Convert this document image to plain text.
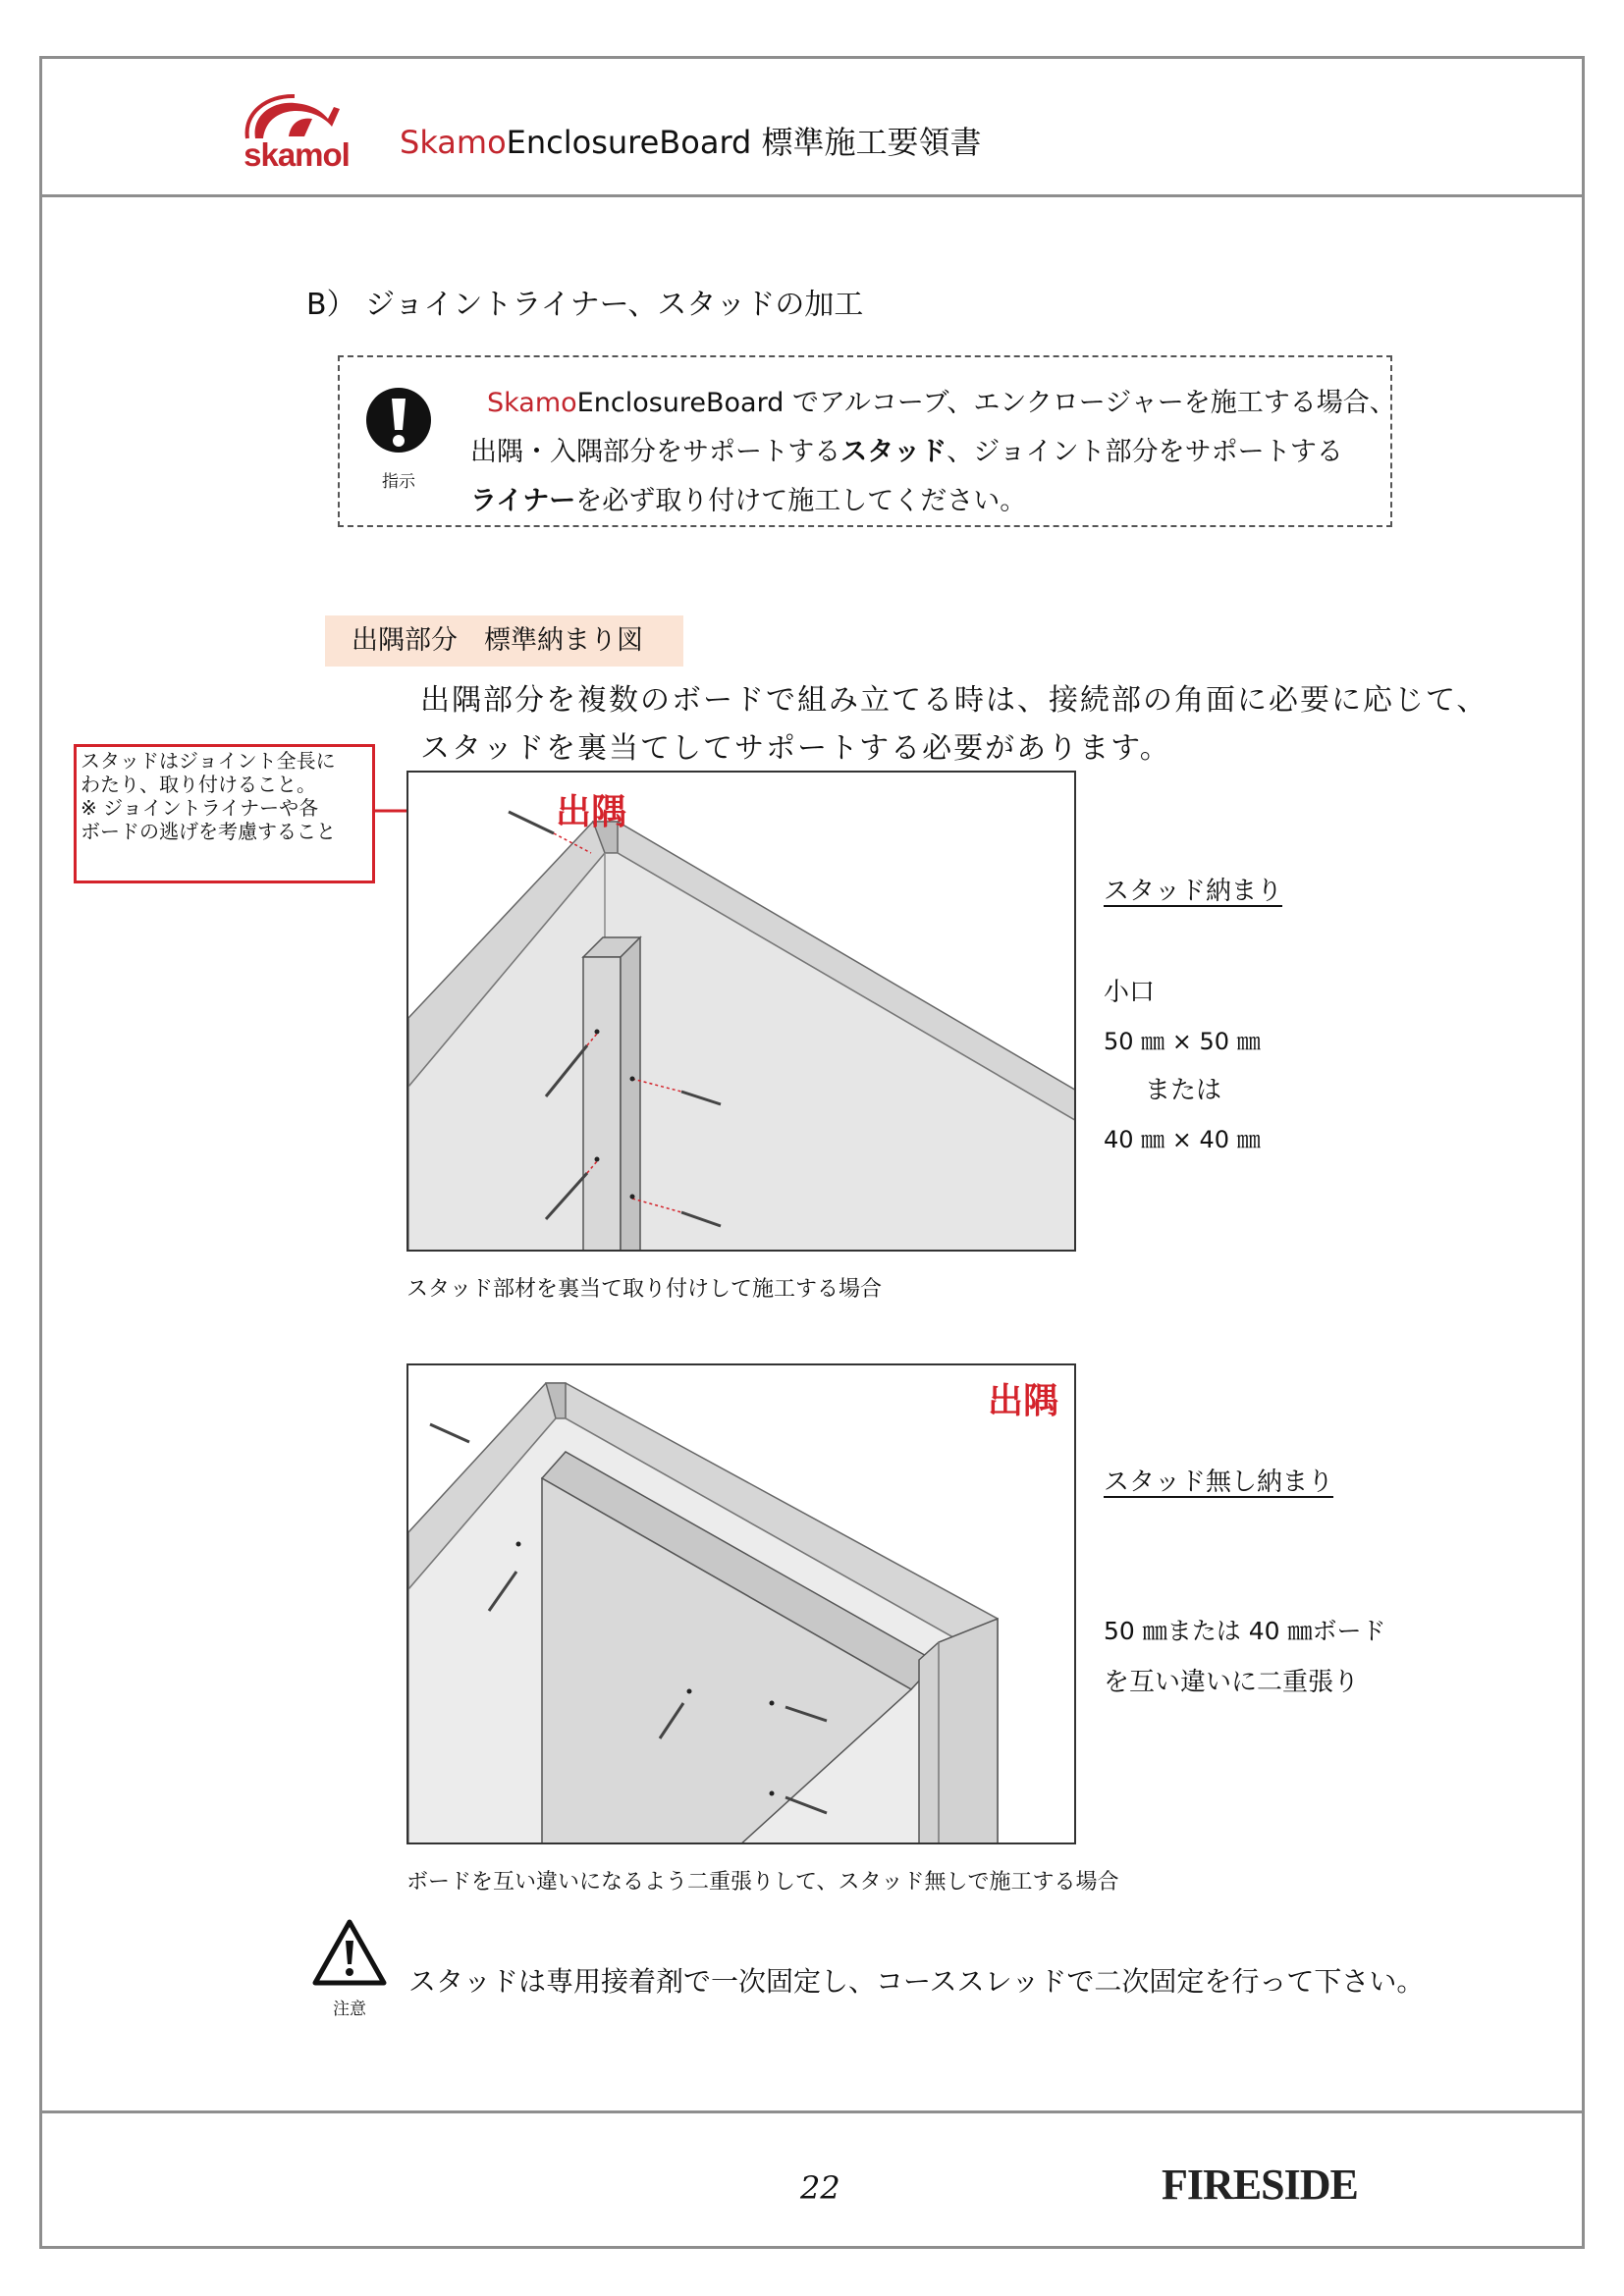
skamol	SkamoEnclosureBoard 標準施工要領書
B） ジョイントライナー、スタッドの加工
指示
SkamoEnclosureBoard でアルコーブ、エンクロージャーを施工する場合、
出隅・入隅部分をサポートするスタッド、ジョイント部分をサポートする
ライナーを必ず取り付けて施工してください。
出隅部分　標準納まり図
出隅部分を複数のボードで組み立てる時は、接続部の角面に必要に応じて、
スタッドを裏当てしてサポートする必要があります。
スタッドはジョイント全長に
わたり、取り付けること。
※ ジョイントライナーや各
ボードの逃げを考慮すること	出隅
スタッド納まり
小口
50 ㎜ × 50 ㎜
または
40 ㎜ × 40 ㎜
スタッド部材を裏当て取り付けして施工する場合
出隅
スタッド無し納まり
50 ㎜または 40 ㎜ボード
を互い違いに二重張り
ボードを互い違いになるよう二重張りして、スタッド無しで施工する場合
注意
スタッドは専用接着剤で一次固定し、コーススレッドで二次固定を行って下さい。
22	FIRESIDE
